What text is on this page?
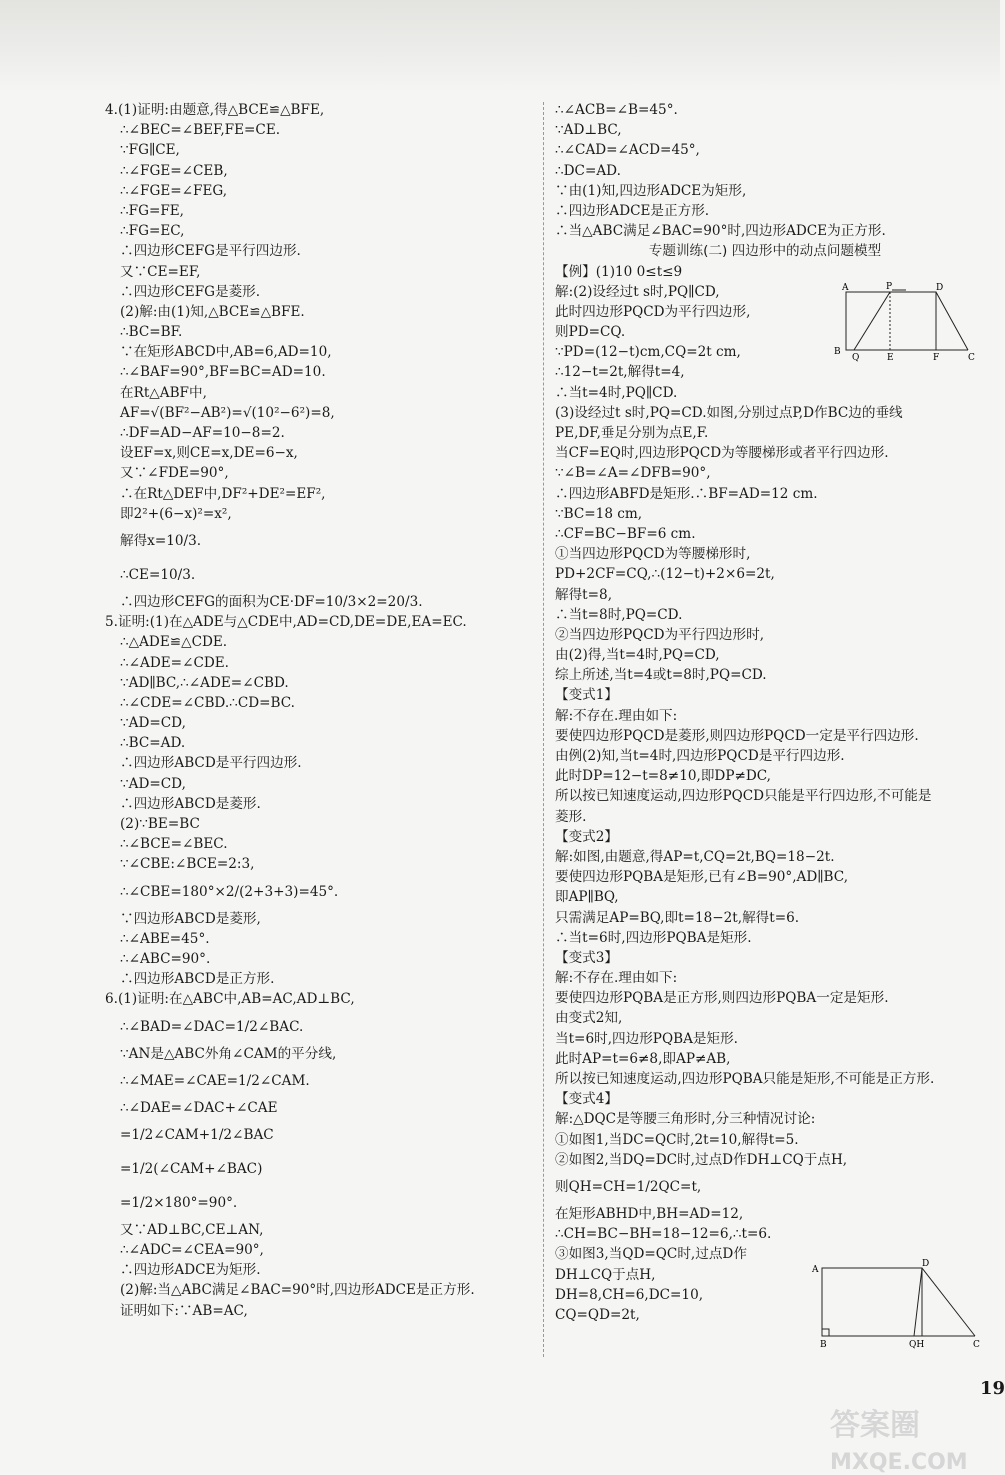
4.(1)证明:由题意,得△BCE≌△BFE,
∴∠BEC=∠BEF,FE=CE.
∵FG∥CE,
∴∠FGE=∠CEB,
∴∠FGE=∠FEG,
∴FG=FE,
∴FG=EC,
∴四边形CEFG是平行四边形.
又∵CE=EF,
∴四边形CEFG是菱形.
(2)解:由(1)知,△BCE≌△BFE.
∴BC=BF.
∵在矩形ABCD中,AB=6,AD=10,
∴∠BAF=90°,BF=BC=AD=10.
在Rt△ABF中,
AF=√(BF²−AB²)=√(10²−6²)=8,
∴DF=AD−AF=10−8=2.
设EF=x,则CE=x,DE=6−x,
又∵∠FDE=90°,
∴在Rt△DEF中,DF²+DE²=EF²,
即2²+(6−x)²=x²,
解得x=10/3.
∴CE=10/3.
∴四边形CEFG的面积为CE·DF=10/3×2=20/3.
5.证明:(1)在△ADE与△CDE中,AD=CD,DE=DE,EA=EC.
∴△ADE≌△CDE.
∴∠ADE=∠CDE.
∵AD∥BC,∴∠ADE=∠CBD.
∴∠CDE=∠CBD.∴CD=BC.
∵AD=CD,
∴BC=AD.
∴四边形ABCD是平行四边形.
∵AD=CD,
∴四边形ABCD是菱形.
(2)∵BE=BC
∴∠BCE=∠BEC.
∵∠CBE:∠BCE=2:3,
∴∠CBE=180°×2/(2+3+3)=45°.
∵四边形ABCD是菱形,
∴∠ABE=45°.
∴∠ABC=90°.
∴四边形ABCD是正方形.
6.(1)证明:在△ABC中,AB=AC,AD⊥BC,
∴∠BAD=∠DAC=1/2∠BAC.
∵AN是△ABC外角∠CAM的平分线,
∴∠MAE=∠CAE=1/2∠CAM.
∴∠DAE=∠DAC+∠CAE
=1/2∠CAM+1/2∠BAC
=1/2(∠CAM+∠BAC)
=1/2×180°=90°.
又∵AD⊥BC,CE⊥AN,
∴∠ADC=∠CEA=90°,
∴四边形ADCE为矩形.
(2)解:当△ABC满足∠BAC=90°时,四边形ADCE是正方形.
证明如下:∵AB=AC,
∴∠ACB=∠B=45°.
∵AD⊥BC,
∴∠CAD=∠ACD=45°,
∴DC=AD.
∵由(1)知,四边形ADCE为矩形,
∴四边形ADCE是正方形.
∴当△ABC满足∠BAC=90°时,四边形ADCE为正方形.
专题训练(二) 四边形中的动点问题模型
【例】(1)10 0≤t≤9
解:(2)设经过t s时,PQ∥CD,
此时四边形PQCD为平行四边形,
则PD=CQ.
∵PD=(12−t)cm,CQ=2t cm,
∴12−t=2t,解得t=4,
∴当t=4时,PQ∥CD.
(3)设经过t s时,PQ=CD.如图,分别过点P,D作BC边的垂线
PE,DF,垂足分别为点E,F.
当CF=EQ时,四边形PQCD为等腰梯形或者平行四边形.
∵∠B=∠A=∠DFB=90°,
∴四边形ABFD是矩形.∴BF=AD=12 cm.
∵BC=18 cm,
∴CF=BC−BF=6 cm.
①当四边形PQCD为等腰梯形时,
PD+2CF=CQ,∴(12−t)+2×6=2t,
解得t=8,
∴当t=8时,PQ=CD.
②当四边形PQCD为平行四边形时,
由(2)得,当t=4时,PQ=CD,
综上所述,当t=4或t=8时,PQ=CD.
【变式1】
解:不存在.理由如下:
要使四边形PQCD是菱形,则四边形PQCD一定是平行四边形.
由例(2)知,当t=4时,四边形PQCD是平行四边形.
此时DP=12−t=8≠10,即DP≠DC,
所以按已知速度运动,四边形PQCD只能是平行四边形,不可能是
菱形.
【变式2】
解:如图,由题意,得AP=t,CQ=2t,BQ=18−2t.
要使四边形PQBA是矩形,已有∠B=90°,AD∥BC,
即AP∥BQ,
只需满足AP=BQ,即t=18−2t,解得t=6.
∴当t=6时,四边形PQBA是矩形.
【变式3】
解:不存在.理由如下:
要使四边形PQBA是正方形,则四边形PQBA一定是矩形.
由变式2知,
当t=6时,四边形PQBA是矩形.
此时AP=t=6≠8,即AP≠AB,
所以按已知速度运动,四边形PQBA只能是矩形,不可能是正方形.
【变式4】
解:△DQC是等腰三角形时,分三种情况讨论:
①如图1,当DC=QC时,2t=10,解得t=5.
②如图2,当DQ=DC时,过点D作DH⊥CQ于点H,
则QH=CH=1/2QC=t,
在矩形ABHD中,BH=AD=12,
∴CH=BC−BH=18−12=6,∴t=6.
③如图3,当QD=QC时,过点D作
DH⊥CQ于点H,
DH=8,CH=6,DC=10,
CQ=QD=2t,
A	P	D
B
Q	E	F	C
A
D
B	QH	C
19
答案圈
MXQE.COM
